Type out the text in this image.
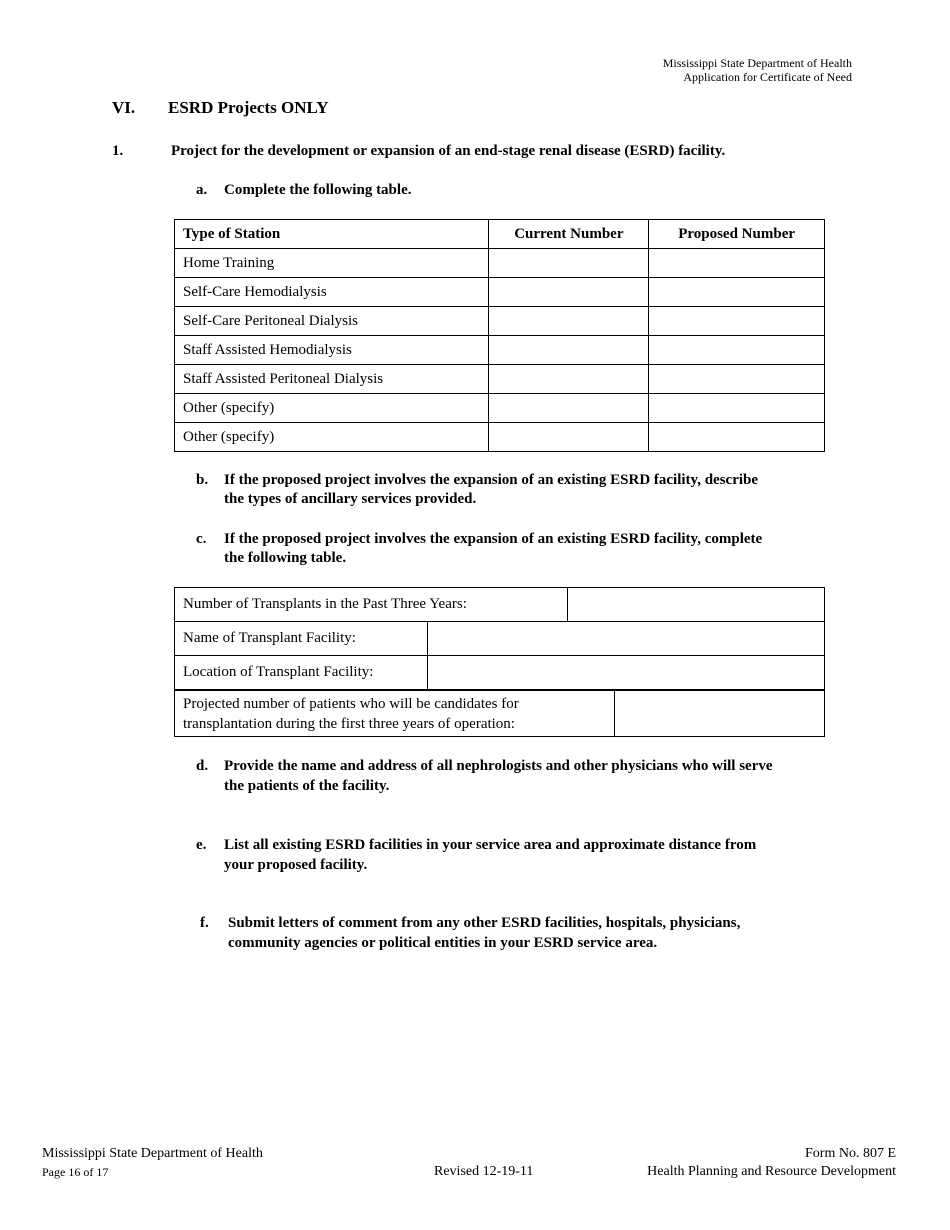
Mississippi State Department of Health
Application for Certificate of Need
VI. ESRD Projects ONLY
1.	Project for the development or expansion of an end-stage renal disease (ESRD) facility.
a. Complete the following table.
Type of Station	Current Number	Proposed Number
Home Training		
Self-Care Hemodialysis		
Self-Care Peritoneal Dialysis		
Staff Assisted Hemodialysis		
Staff Assisted Peritoneal Dialysis		
Other (specify)		
Other (specify)		
b. If the proposed project involves the expansion of an existing ESRD facility, describe
the types of ancillary services provided.
c. If the proposed project involves the expansion of an existing ESRD facility, complete
the following table.
Number of Transplants in the Past Three Years:	
Name of Transplant Facility:	
Location of Transplant Facility:	
Projected number of patients who will be candidates for
transplantation during the first three years of operation:

d. Provide the name and address of all nephrologists and other physicians who will serve
the patients of the facility.
e. List all existing ESRD facilities in your service area and approximate distance from
your proposed facility.
f. Submit letters of comment from any other ESRD facilities, hospitals, physicians,
community agencies or political entities in your ESRD service area.
Mississippi State Department of Health
Page 16 of 17	Revised 12-19-11
Form No. 807 E
Health Planning and Resource Development
